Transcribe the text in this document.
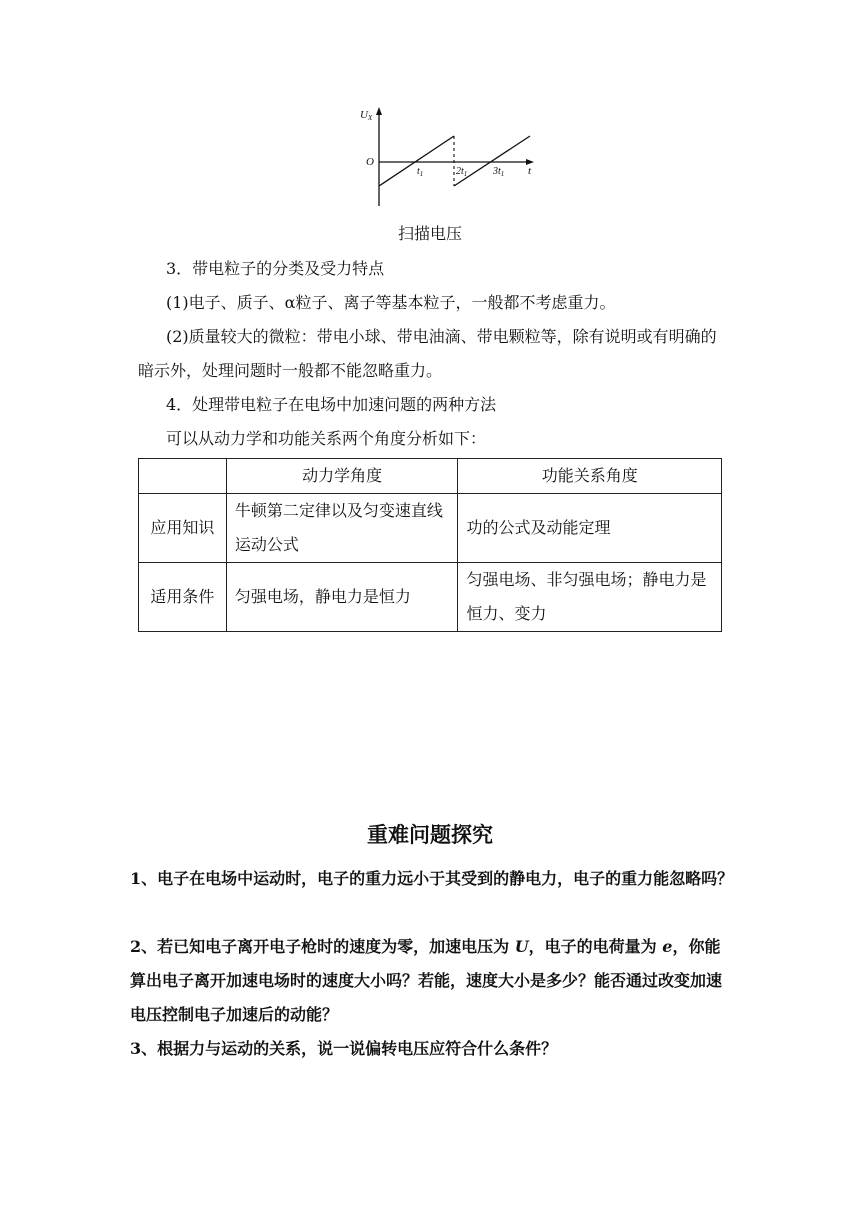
UX
O
t
$t_1$	$2t_1$	$3t_1$
扫描电压

3．带电粒子的分类及受力特点

(1)电子、质子、α粒子、离子等基本粒子，一般都不考虑重力。

(2)质量较大的微粒：带电小球、带电油滴、带电颗粒等，除有说明或有明确的暗示外，处理问题时一般都不能忽略重力。

4．处理带电粒子在电场中加速问题的两种方法

可以从动力学和功能关系两个角度分析如下：

	动力学角度	功能关系角度
应用知识	牛顿第二定律以及匀变速直线运动公式	功的公式及动能定理
适用条件	匀强电场，静电力是恒力	匀强电场、非匀强电场；静电力是恒力、变力
重难问题探究

1、电子在电场中运动时，电子的重力远小于其受到的静电力，电子的重力能忽略吗？

2、若已知电子离开电子枪时的速度为零，加速电压为 U，电子的电荷量为 e，你能算出电子离开加速电场时的速度大小吗？若能，速度大小是多少？能否通过改变加速电压控制电子加速后的动能？

3、根据力与运动的关系，说一说偏转电压应符合什么条件？
